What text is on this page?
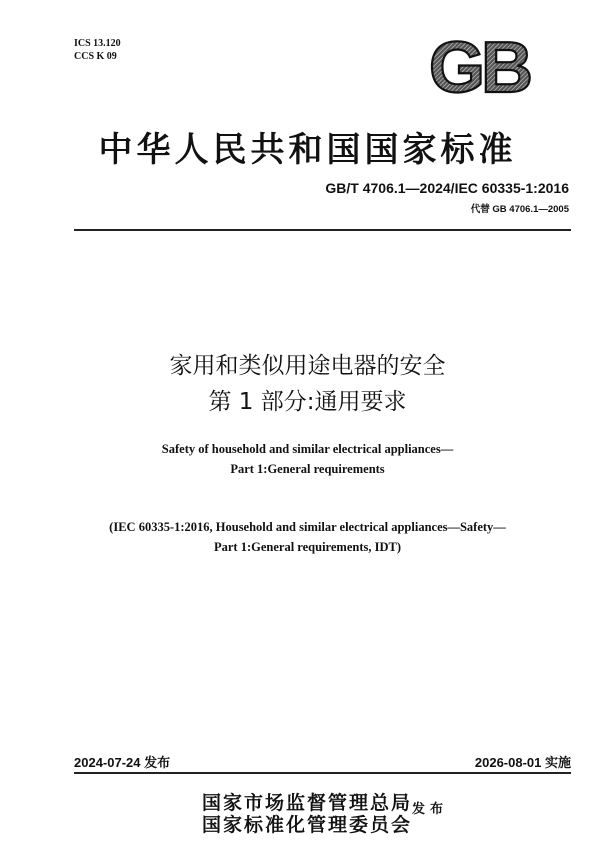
ICS 13.120
CCS K 09	GB
中华人民共和国国家标准
GB/T 4706.1—2024/IEC 60335-1:2016
代替 GB 4706.1—2005
家用和类似用途电器的安全
第 1 部分:通用要求
Safety of household and similar electrical appliances—
Part 1:General requirements
(IEC 60335-1:2016, Household and similar electrical appliances—Safety—
Part 1:General requirements, IDT)
2024-07-24 发布	2026-08-01 实施
国家市场监督管理总局
国家标准化管理委员会
发布
